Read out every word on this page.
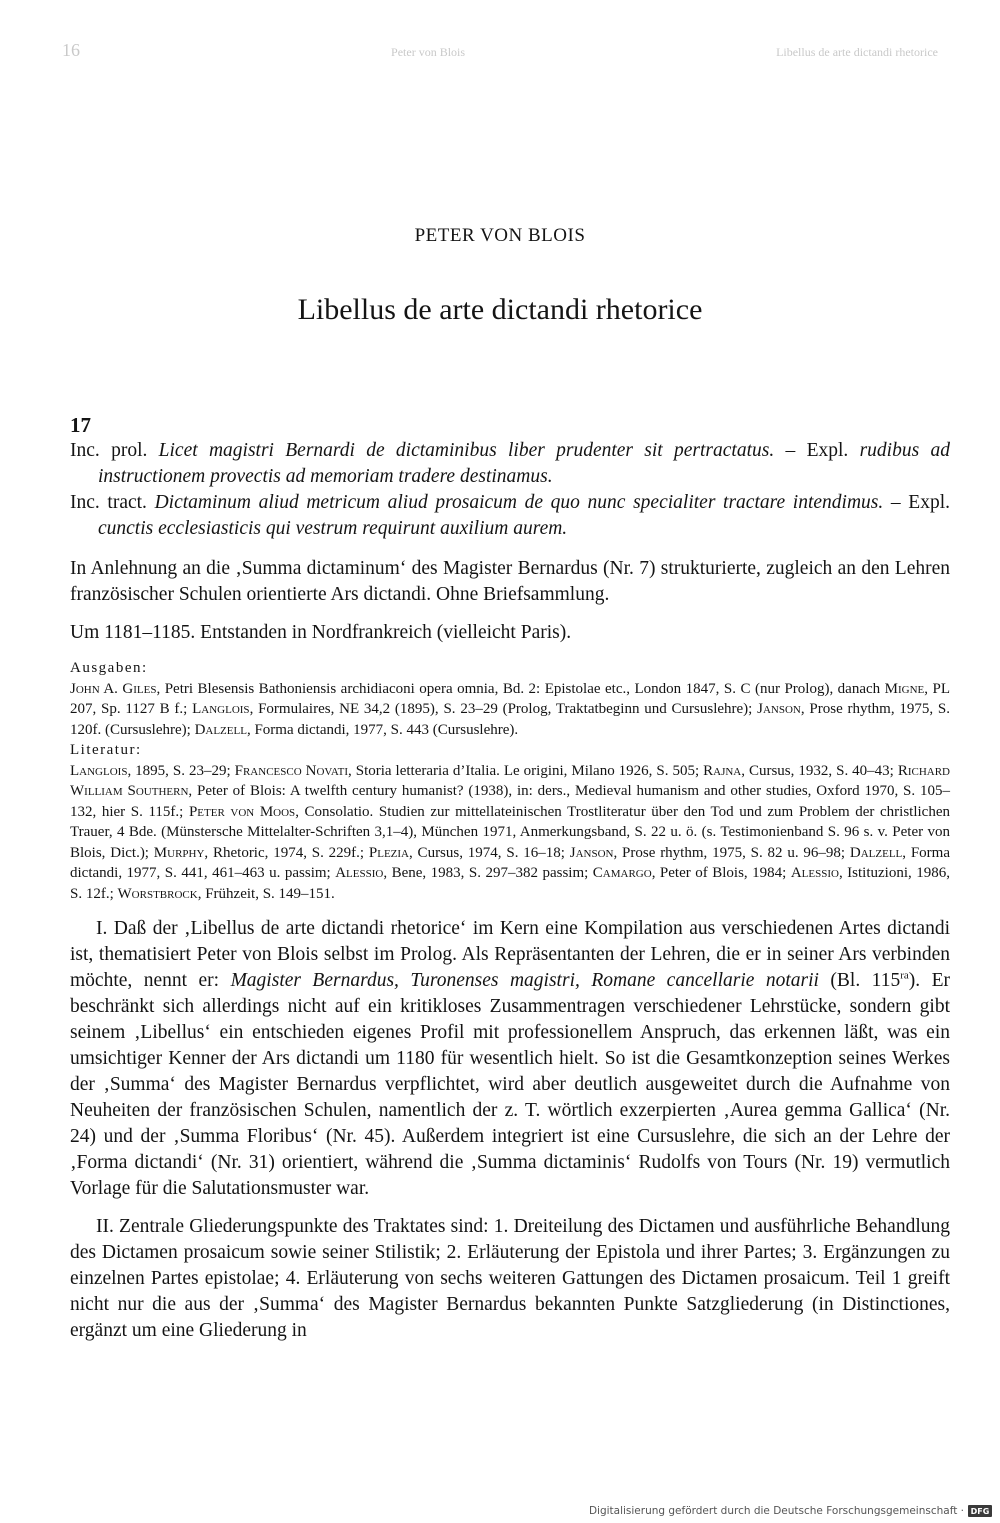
16	Peter von Blois	Libellus de arte dictandi rhetorice
PETER VON BLOIS
Libellus de arte dictandi rhetorice
17

Inc. prol. Licet magistri Bernardi de dictaminibus liber prudenter sit pertractatus. – Expl. rudibus ad instructionem provectis ad memoriam tradere destinamus.

Inc. tract. Dictaminum aliud metricum aliud prosaicum de quo nunc specialiter tractare intendimus. – Expl. cunctis ecclesiasticis qui vestrum requirunt auxilium aurem.

In Anlehnung an die ‚Summa dictaminum‘ des Magister Bernardus (Nr. 7) strukturierte, zugleich an den Lehren französischer Schulen orientierte Ars dictandi. Ohne Briefsammlung.

Um 1181–1185. Entstanden in Nordfrankreich (vielleicht Paris).

Ausgaben:

John A. Giles, Petri Blesensis Bathoniensis archidiaconi opera omnia, Bd. 2: Epistolae etc., London 1847, S. C (nur Prolog), danach Migne, PL 207, Sp. 1127 B f.; Langlois, Formulaires, NE 34,2 (1895), S. 23–29 (Prolog, Traktatbeginn und Cursuslehre); Janson, Prose rhythm, 1975, S. 120f. (Cursuslehre); Dalzell, Forma dictandi, 1977, S. 443 (Cursuslehre).

Literatur:

Langlois, 1895, S. 23–29; Francesco Novati, Storia letteraria d’Italia. Le origini, Milano 1926, S. 505; Rajna, Cursus, 1932, S. 40–43; Richard William Southern, Peter of Blois: A twelfth century humanist? (1938), in: ders., Medieval humanism and other studies, Oxford 1970, S. 105–132, hier S. 115f.; Peter von Moos, Consolatio. Studien zur mittellateinischen Trostliteratur über den Tod und zum Problem der christlichen Trauer, 4 Bde. (Münstersche Mittelalter-Schriften 3,1–4), München 1971, Anmerkungsband, S. 22 u. ö. (s. Testimonienband S. 96 s. v. Peter von Blois, Dict.); Murphy, Rhetoric, 1974, S. 229f.; Plezia, Cursus, 1974, S. 16–18; Janson, Prose rhythm, 1975, S. 82 u. 96–98; Dalzell, Forma dictandi, 1977, S. 441, 461–463 u. passim; Alessio, Bene, 1983, S. 297–382 passim; Camargo, Peter of Blois, 1984; Alessio, Istituzioni, 1986, S. 12f.; Worstbrock, Frühzeit, S. 149–151.

I. Daß der ‚Libellus de arte dictandi rhetorice‘ im Kern eine Kompilation aus verschiedenen Artes dictandi ist, thematisiert Peter von Blois selbst im Prolog. Als Repräsentanten der Lehren, die er in seiner Ars verbinden möchte, nennt er: Magister Bernardus, Turonenses magistri, Romane cancellarie notarii (Bl. $115^{ra}$). Er beschränkt sich allerdings nicht auf ein kritikloses Zusammentragen verschiedener Lehrstücke, sondern gibt seinem ‚Libellus‘ ein entschieden eigenes Profil mit professionellem Anspruch, das erkennen läßt, was ein umsichtiger Kenner der Ars dictandi um 1180 für wesentlich hielt. So ist die Gesamtkonzeption seines Werkes der ‚Summa‘ des Magister Bernardus verpflichtet, wird aber deutlich ausgeweitet durch die Aufnahme von Neuheiten der französischen Schulen, namentlich der z. T. wörtlich exzerpierten ‚Aurea gemma Gallica‘ (Nr. 24) und der ‚Summa Floribus‘ (Nr. 45). Außerdem integriert ist eine Cursuslehre, die sich an der Lehre der ‚Forma dictandi‘ (Nr. 31) orientiert, während die ‚Summa dictaminis‘ Rudolfs von Tours (Nr. 19) vermutlich Vorlage für die Salutationsmuster war.

II. Zentrale Gliederungspunkte des Traktates sind: 1. Dreiteilung des Dictamen und ausführliche Behandlung des Dictamen prosaicum sowie seiner Stilistik; 2. Erläuterung der Epistola und ihrer Partes; 3. Ergänzungen zu einzelnen Partes epistolae; 4. Erläuterung von sechs weiteren Gattungen des Dictamen prosaicum. Teil 1 greift nicht nur die aus der ‚Summa‘ des Magister Bernardus bekannten Punkte Satzgliederung (in Distinctiones, ergänzt um eine Gliederung in

Digitalisierung gefördert durch die Deutsche Forschungsgemeinschaft · DFG
